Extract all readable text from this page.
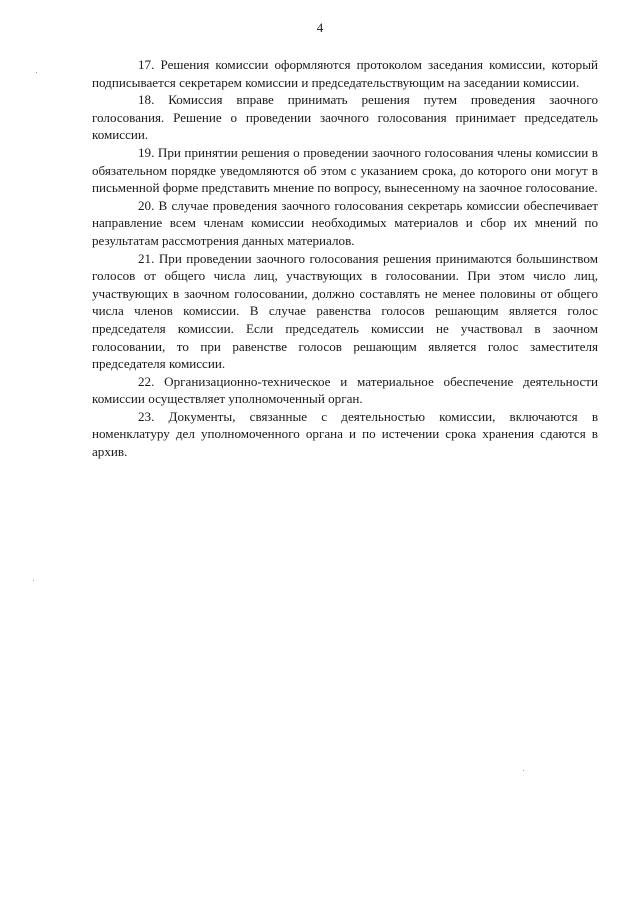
4

17. Решения комиссии оформляются протоколом заседания комиссии, который подписывается секретарем комиссии и председательствующим на заседании комиссии.

18. Комиссия вправе принимать решения путем проведения заочного голосования. Решение о проведении заочного голосования принимает председатель комиссии.

19. При принятии решения о проведении заочного голосования члены комиссии в обязательном порядке уведомляются об этом с указанием срока, до которого они могут в письменной форме представить мнение по вопросу, вынесенному на заочное голосование.

20. В случае проведения заочного голосования секретарь комиссии обеспечивает направление всем членам комиссии необходимых материалов и сбор их мнений по результатам рассмотрения данных материалов.

21. При проведении заочного голосования решения принимаются большинством голосов от общего числа лиц, участвующих в голосовании. При этом число лиц, участвующих в заочном голосовании, должно составлять не менее половины от общего числа членов комиссии. В случае равенства голосов решающим является голос председателя комиссии. Если председатель комиссии не участвовал в заочном голосовании, то при равенстве голосов решающим является голос заместителя председателя комиссии.

22. Организационно-техническое и материальное обеспечение деятельности комиссии осуществляет уполномоченный орган.

23. Документы, связанные с деятельностью комиссии, включаются в номенклатуру дел уполномоченного органа и по истечении срока хранения сдаются в архив.
